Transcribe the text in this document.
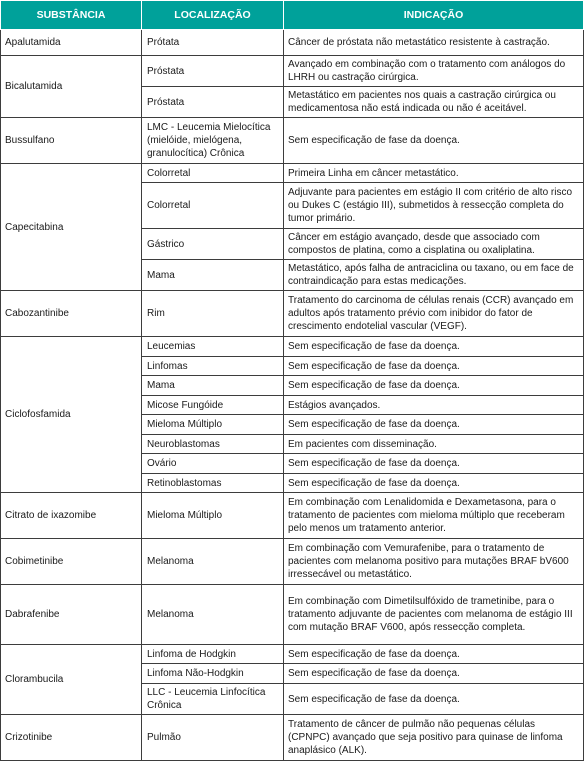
SUBSTÂNCIA	LOCALIZAÇÃO	INDICAÇÃO
Apalutamida	Prótata	Câncer de próstata não metastático resistente à castração.
Bicalutamida	Próstata	Avançado em combinação com o tratamento com análogos do LHRH ou castração cirúrgica.
	Próstata	Metastático em pacientes nos quais a castração cirúrgica ou medicamentosa não está indicada ou não é aceitável.
Bussulfano	LMC - Leucemia Mielocítica (mielóide, mielógena, granulocítica) Crônica	Sem especificação de fase da doença.
Capecitabina	Colorretal	Primeira Linha em câncer metastático.
	Colorretal	Adjuvante para pacientes em estágio II com critério de alto risco ou Dukes C (estágio III), submetidos à ressecção completa do tumor primário.
	Gástrico	Câncer em estágio avançado, desde que associado com compostos de platina, como a cisplatina ou oxaliplatina.
	Mama	Metastático, após falha de antraciclina ou taxano, ou em face de contraindicação para estas medicações.
Cabozantinibe	Rim	Tratamento do carcinoma de células renais (CCR) avançado em adultos após tratamento prévio com inibidor do fator de crescimento endotelial vascular (VEGF).
Ciclofosfamida	Leucemias	Sem especificação de fase da doença.
	Linfomas	Sem especificação de fase da doença.
	Mama	Sem especificação de fase da doença.
	Micose Fungóide	Estágios avançados.
	Mieloma Múltiplo	Sem especificação de fase da doença.
	Neuroblastomas	Em pacientes com disseminação.
	Ovário	Sem especificação de fase da doença.
	Retinoblastomas	Sem especificação de fase da doença.
Citrato de ixazomibe	Mieloma Múltiplo	Em combinação com Lenalidomida e Dexametasona, para o tratamento de pacientes com mieloma múltiplo que receberam pelo menos um tratamento anterior.
Cobimetinibe	Melanoma	Em combinação com Vemurafenibe, para o tratamento de pacientes com melanoma positivo para mutações BRAF bV600 irressecável ou metastático.
Dabrafenibe	Melanoma	Em combinação com Dimetilsulfóxido de trametinibe, para o tratamento adjuvante de pacientes com melanoma de estágio III com mutação BRAF V600, após ressecção completa.
Clorambucila	Linfoma de Hodgkin	Sem especificação de fase da doença.
	Linfoma Não-Hodgkin	Sem especificação de fase da doença.
	LLC - Leucemia Linfocítica Crônica	Sem especificação de fase da doença.
Crizotinibe	Pulmão	Tratamento de câncer de pulmão não pequenas células (CPNPC) avançado que seja positivo para quinase de linfoma anaplásico (ALK).
